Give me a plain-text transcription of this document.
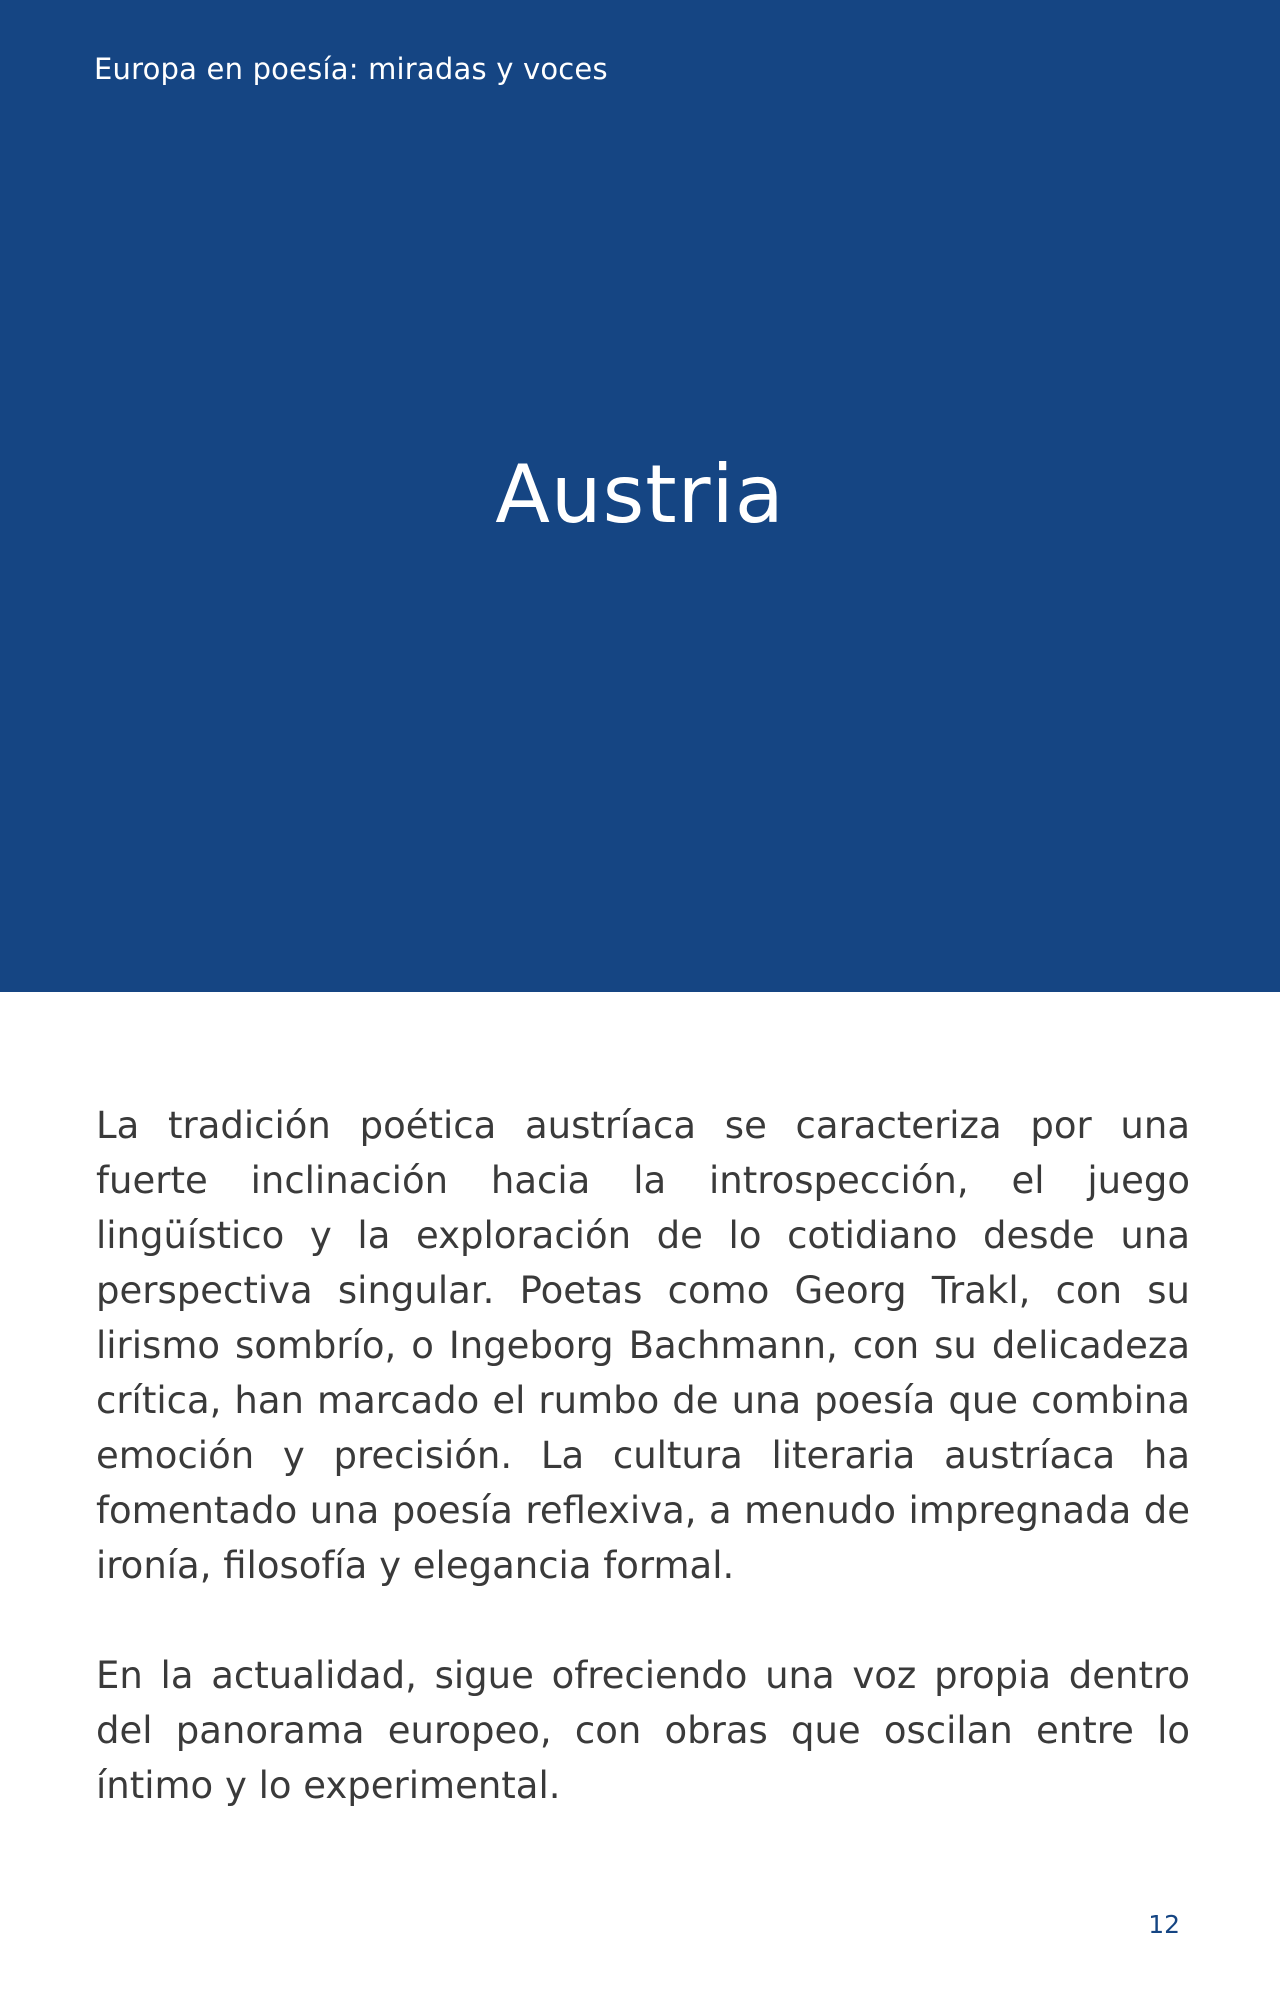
Europa en poesía: miradas y voces
Austria

La tradición poética austríaca se caracteriza por una fuerte inclinación hacia la introspección, el juego lingüístico y la exploración de lo cotidiano desde una perspectiva singular. Poetas como Georg Trakl, con su lirismo sombrío, o Ingeborg Bachmann, con su delicadeza crítica, han marcado el rumbo de una poesía que combina emoción y precisión. La cultura literaria austríaca ha fomentado una poesía reflexiva, a menudo impregnada de ironía, filosofía y elegancia formal.

En la actualidad, sigue ofreciendo una voz propia dentro del panorama europeo, con obras que oscilan entre lo íntimo y lo experimental.

12
